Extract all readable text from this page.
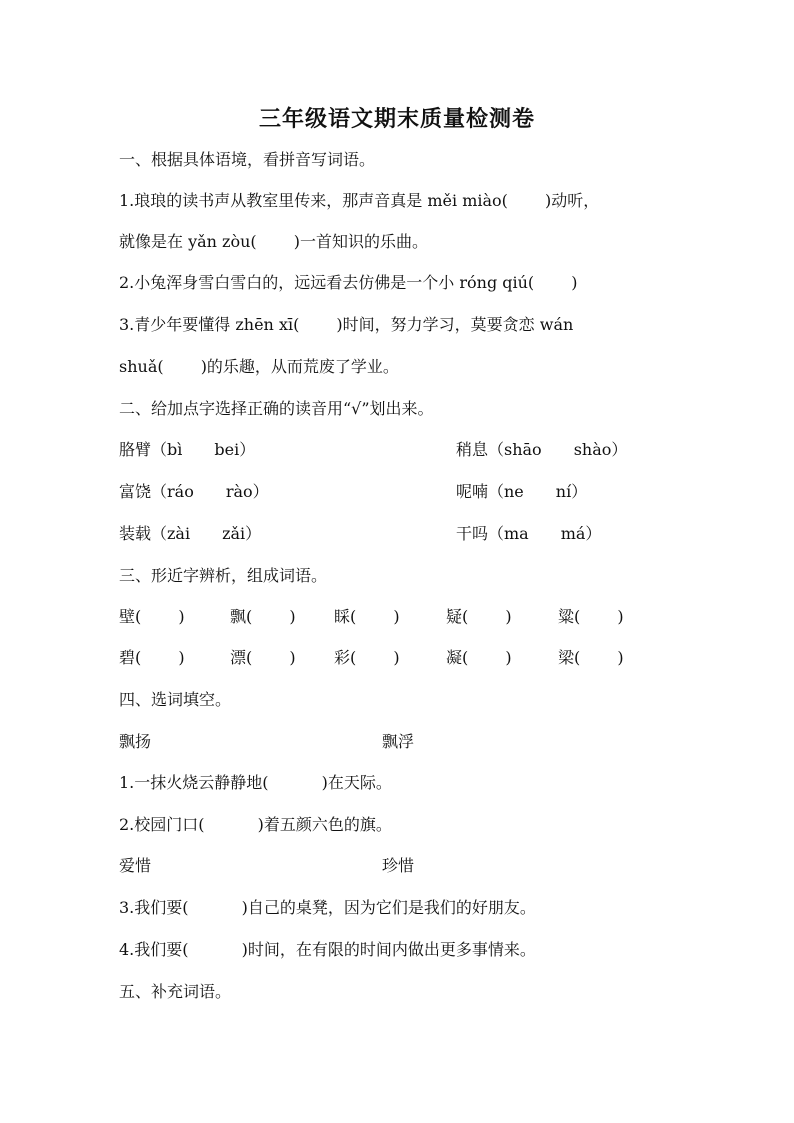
三年级语文期末质量检测卷
一、根据具体语境，看拼音写词语。
1.琅琅的读书声从教室里传来，那声音真是 měi miào(　　 )动听，
就像是在 yǎn zòu(　　 )一首知识的乐曲。
2.小兔浑身雪白雪白的，远远看去仿佛是一个小 róng qiú(　　 )
3.青少年要懂得 zhēn xī(　　 )时间，努力学习，莫要贪恋 wán
shuǎ(　　 )的乐趣，从而荒废了学业。
二、给加点字选择正确的读音用“√”划出来。
胳臂（bì　　bei）	稍息（shāo　　shào）
富饶（ráo　　rào）	呢喃（ne　　ní）
装载（zài　　zǎi）	干吗（ma　　má）
三、形近字辨析，组成词语。
壁(　　 )	飘(　　 ) 睬(　　 )	疑(　　 )	粱(　　 )
碧(　　 )	漂(　　 ) 彩(　　 )	凝(　　 )	梁(　　 )
四、选词填空。
飘扬	飘浮
1.一抹火烧云静静地(　　　 )在天际。
2.校园门口(　　　 )着五颜六色的旗。
爱惜	珍惜
3.我们要(　　　 )自己的桌凳，因为它们是我们的好朋友。
4.我们要(　　　 )时间，在有限的时间内做出更多事情来。
五、补充词语。
